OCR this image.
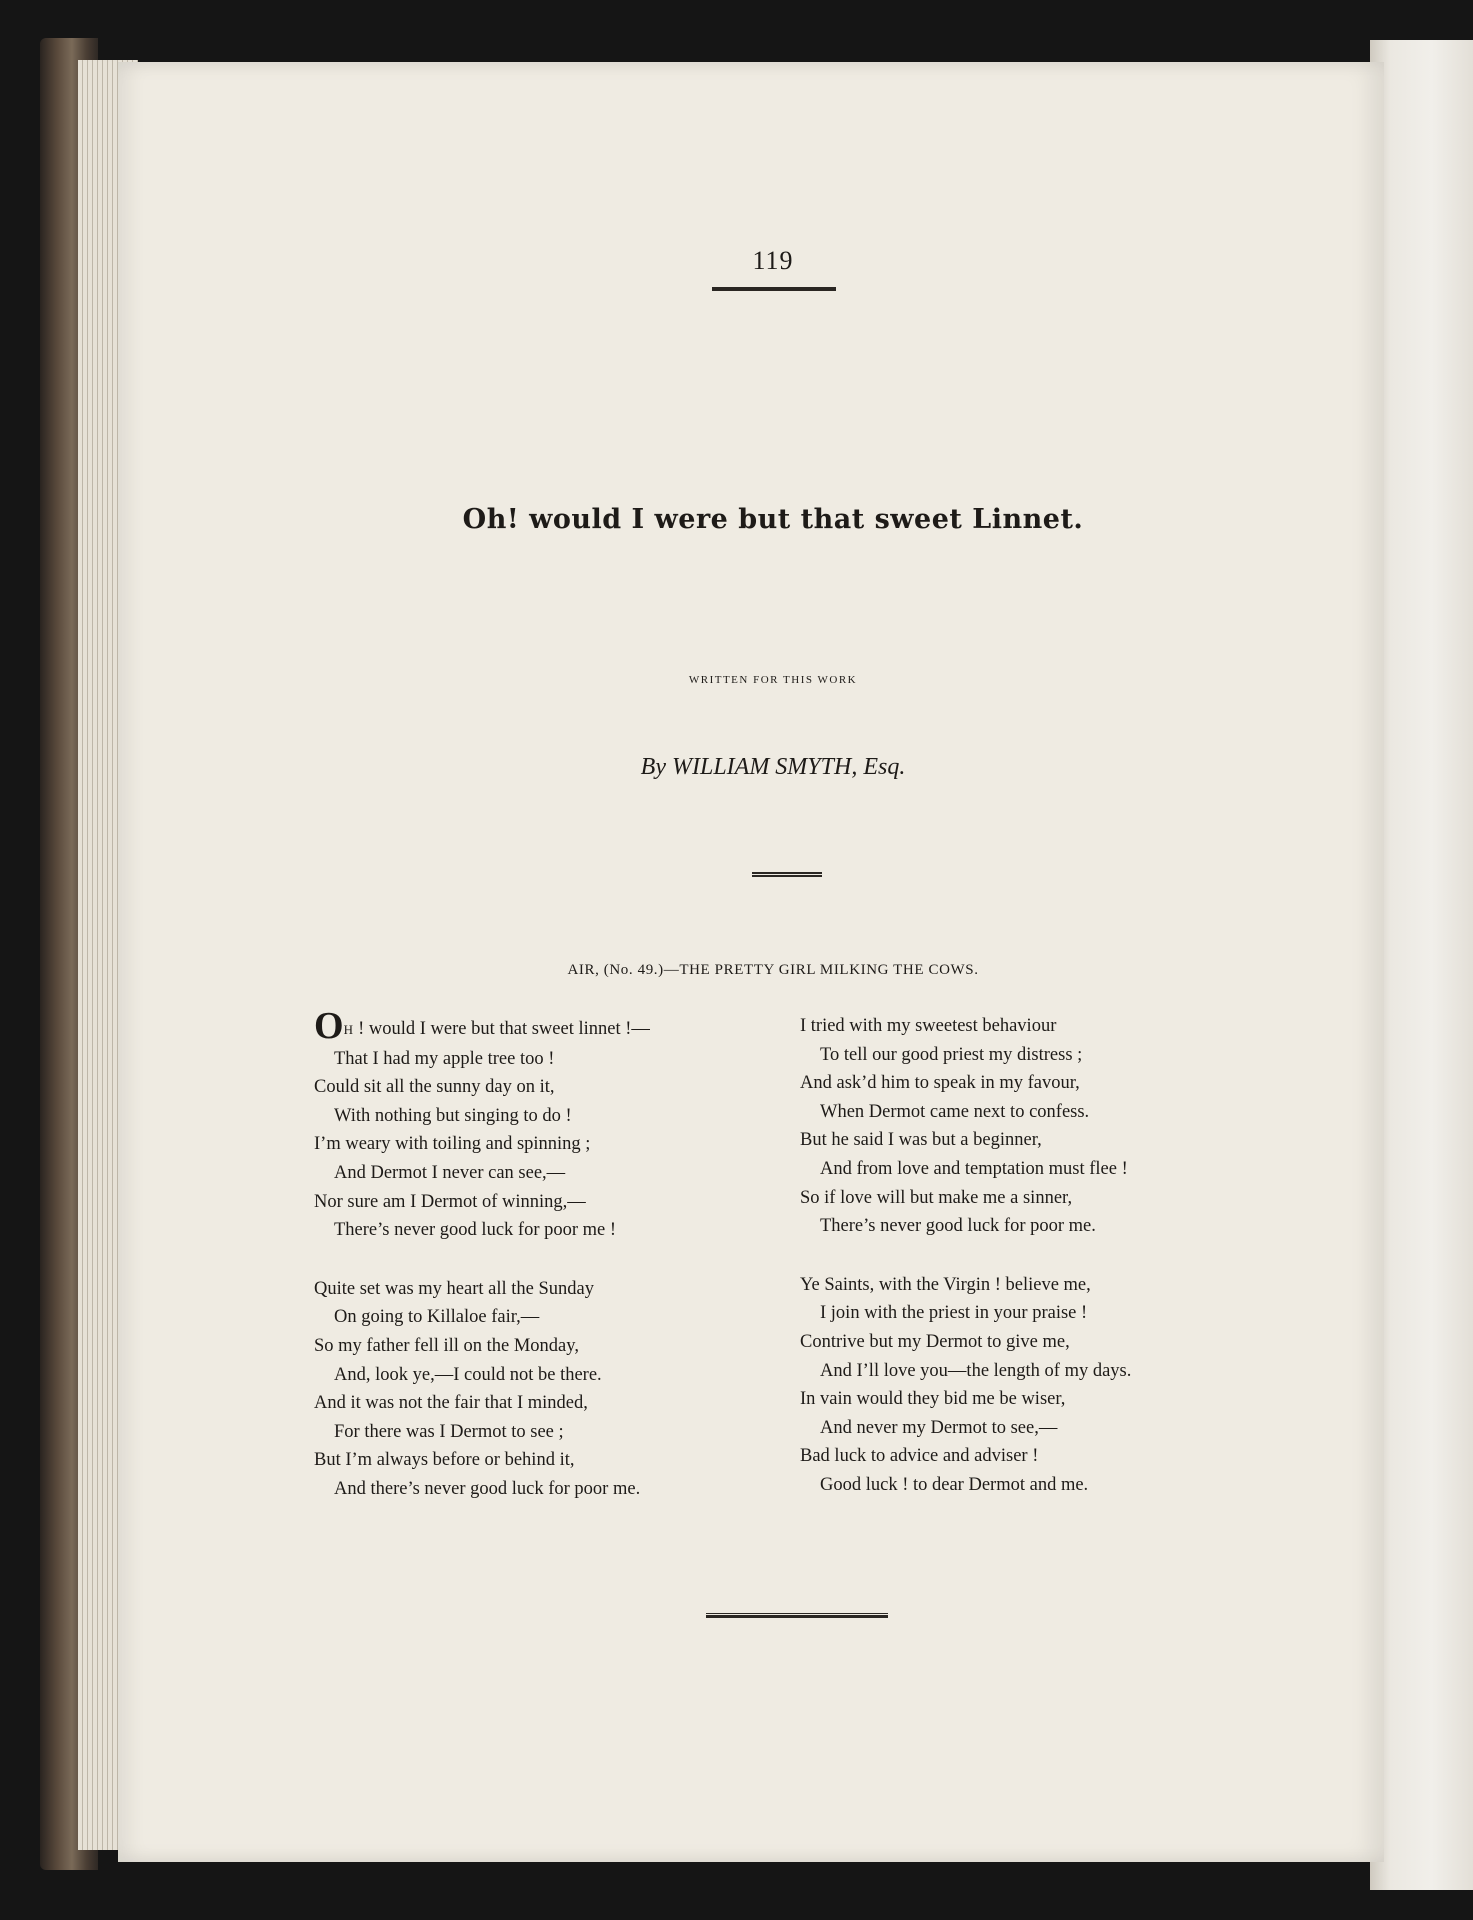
119
Oh! would I were but that sweet Linnet.
WRITTEN FOR THIS WORK
By WILLIAM SMYTH, Esq.
AIR, (No. 49.)—THE PRETTY GIRL MILKING THE COWS.
OH ! would I were but that sweet linnet !—
That I had my apple tree too !
Could sit all the sunny day on it,
With nothing but singing to do !
I’m weary with toiling and spinning ;
And Dermot I never can see,—
Nor sure am I Dermot of winning,—
There’s never good luck for poor me !
Quite set was my heart all the Sunday
On going to Killaloe fair,—
So my father fell ill on the Monday,
And, look ye,—I could not be there.
And it was not the fair that I minded,
For there was I Dermot to see ;
But I’m always before or behind it,
And there’s never good luck for poor me.
I tried with my sweetest behaviour
To tell our good priest my distress ;
And ask’d him to speak in my favour,
When Dermot came next to confess.
But he said I was but a beginner,
And from love and temptation must flee !
So if love will but make me a sinner,
There’s never good luck for poor me.
Ye Saints, with the Virgin ! believe me,
I join with the priest in your praise !
Contrive but my Dermot to give me,
And I’ll love you—the length of my days.
In vain would they bid me be wiser,
And never my Dermot to see,—
Bad luck to advice and adviser !
Good luck ! to dear Dermot and me.
